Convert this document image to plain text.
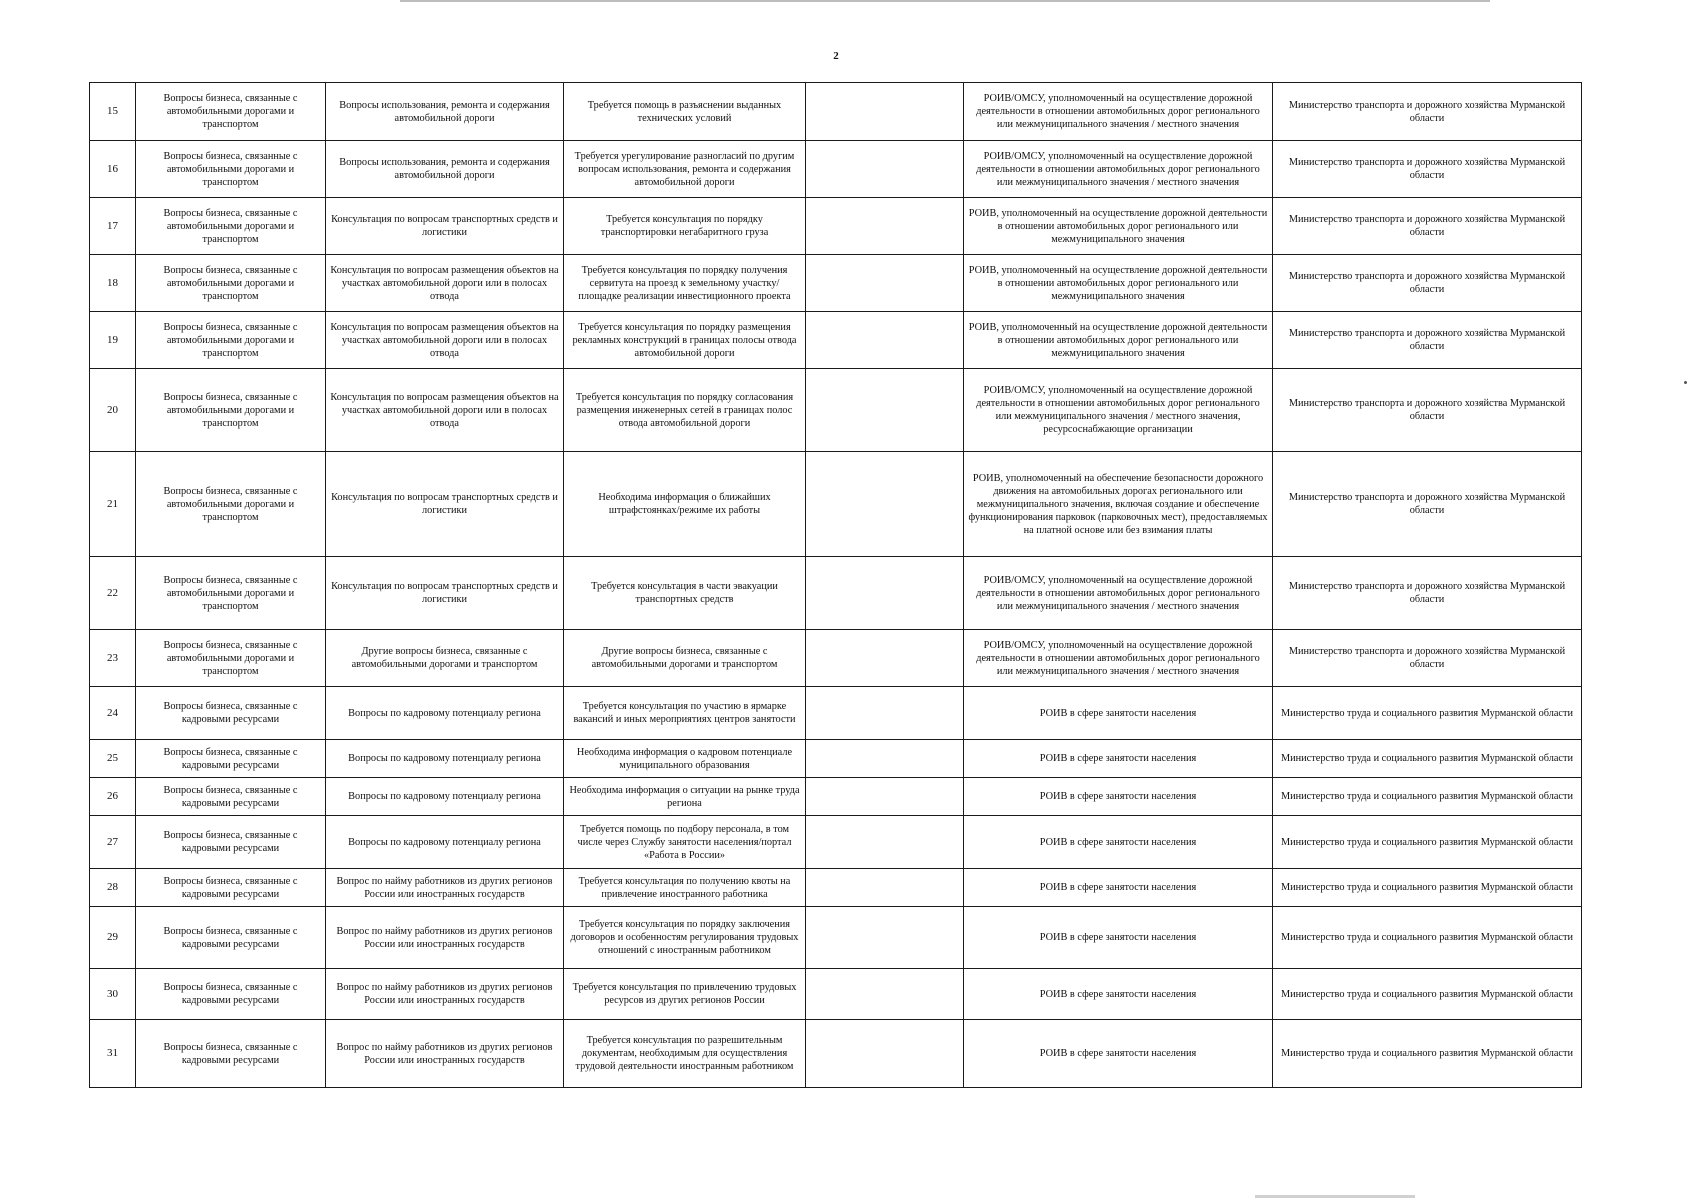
2
15	Вопросы бизнеса, связанные с автомобильными дорогами и транспортом	Вопросы использования, ремонта и содержания автомобильной дороги	Требуется помощь в разъяснении выданных технических условий		РОИВ/ОМСУ, уполномоченный на осуществление дорожной деятельности в отношении автомобильных дорог регионального или межмуниципального значения / местного значения	Министерство транспорта и дорожного хозяйства Мурманской области
16	Вопросы бизнеса, связанные с автомобильными дорогами и транспортом	Вопросы использования, ремонта и содержания автомобильной дороги	Требуется урегулирование разногласий по другим вопросам использования, ремонта и содержания автомобильной дороги		РОИВ/ОМСУ, уполномоченный на осуществление дорожной деятельности в отношении автомобильных дорог регионального или межмуниципального значения / местного значения	Министерство транспорта и дорожного хозяйства Мурманской области
17	Вопросы бизнеса, связанные с автомобильными дорогами и транспортом	Консультация по вопросам транспортных средств и логистики	Требуется консультация по порядку транспортировки негабаритного груза		РОИВ, уполномоченный на осуществление дорожной деятельности в отношении автомобильных дорог регионального или межмуниципального значения	Министерство транспорта и дорожного хозяйства Мурманской области
18	Вопросы бизнеса, связанные с автомобильными дорогами и транспортом	Консультация по вопросам размещения объектов на участках автомобильной дороги или в полосах отвода	Требуется консультация по порядку получения сервитута на проезд к земельному участку/ площадке реализации инвестиционного проекта		РОИВ, уполномоченный на осуществление дорожной деятельности в отношении автомобильных дорог регионального или межмуниципального значения	Министерство транспорта и дорожного хозяйства Мурманской области
19	Вопросы бизнеса, связанные с автомобильными дорогами и транспортом	Консультация по вопросам размещения объектов на участках автомобильной дороги или в полосах отвода	Требуется консультация по порядку размещения рекламных конструкций в границах полосы отвода автомобильной дороги		РОИВ, уполномоченный на осуществление дорожной деятельности в отношении автомобильных дорог регионального или межмуниципального значения	Министерство транспорта и дорожного хозяйства Мурманской области
20	Вопросы бизнеса, связанные с автомобильными дорогами и транспортом	Консультация по вопросам размещения объектов на участках автомобильной дороги или в полосах отвода	Требуется консультация по порядку согласования размещения инженерных сетей в границах полос отвода автомобильной дороги		РОИВ/ОМСУ, уполномоченный на осуществление дорожной деятельности в отношении автомобильных дорог регионального или межмуниципального значения / местного значения, ресурсоснабжающие организации	Министерство транспорта и дорожного хозяйства Мурманской области
21	Вопросы бизнеса, связанные с автомобильными дорогами и транспортом	Консультация по вопросам транспортных средств и логистики	Необходима информация о ближайших штрафстоянках/режиме их работы		РОИВ, уполномоченный на обеспечение безопасности дорожного движения на автомобильных дорогах регионального или межмуниципального значения, включая создание и обеспечение функционирования парковок (парковочных мест), предоставляемых на платной основе или без взимания платы	Министерство транспорта и дорожного хозяйства Мурманской области
22	Вопросы бизнеса, связанные с автомобильными дорогами и транспортом	Консультация по вопросам транспортных средств и логистики	Требуется консультация в части эвакуации транспортных средств		РОИВ/ОМСУ, уполномоченный на осуществление дорожной деятельности в отношении автомобильных дорог регионального или межмуниципального значения / местного значения	Министерство транспорта и дорожного хозяйства Мурманской области
23	Вопросы бизнеса, связанные с автомобильными дорогами и транспортом	Другие вопросы бизнеса, связанные с автомобильными дорогами и транспортом	Другие вопросы бизнеса, связанные с автомобильными дорогами и транспортом		РОИВ/ОМСУ, уполномоченный на осуществление дорожной деятельности в отношении автомобильных дорог регионального или межмуниципального значения / местного значения	Министерство транспорта и дорожного хозяйства Мурманской области
24	Вопросы бизнеса, связанные с кадровыми ресурсами	Вопросы по кадровому потенциалу региона	Требуется консультация по участию в ярмарке вакансий и иных мероприятиях центров занятости		РОИВ в сфере занятости населения	Министерство труда и социального развития Мурманской области
25	Вопросы бизнеса, связанные с кадровыми ресурсами	Вопросы по кадровому потенциалу региона	Необходима информация о кадровом потенциале муниципального образования		РОИВ в сфере занятости населения	Министерство труда и социального развития Мурманской области
26	Вопросы бизнеса, связанные с кадровыми ресурсами	Вопросы по кадровому потенциалу региона	Необходима информация о ситуации на рынке труда региона		РОИВ в сфере занятости населения	Министерство труда и социального развития Мурманской области
27	Вопросы бизнеса, связанные с кадровыми ресурсами	Вопросы по кадровому потенциалу региона	Требуется помощь по подбору персонала, в том числе через Службу занятости населения/портал «Работа в России»		РОИВ в сфере занятости населения	Министерство труда и социального развития Мурманской области
28	Вопросы бизнеса, связанные с кадровыми ресурсами	Вопрос по найму работников из других регионов России или иностранных государств	Требуется консультация по получению квоты на привлечение иностранного работника		РОИВ в сфере занятости населения	Министерство труда и социального развития Мурманской области
29	Вопросы бизнеса, связанные с кадровыми ресурсами	Вопрос по найму работников из других регионов России или иностранных государств	Требуется консультация по порядку заключения договоров и особенностям регулирования трудовых отношений с иностранным работником		РОИВ в сфере занятости населения	Министерство труда и социального развития Мурманской области
30	Вопросы бизнеса, связанные с кадровыми ресурсами	Вопрос по найму работников из других регионов России или иностранных государств	Требуется консультация по привлечению трудовых ресурсов из других регионов России		РОИВ в сфере занятости населения	Министерство труда и социального развития Мурманской области
31	Вопросы бизнеса, связанные с кадровыми ресурсами	Вопрос по найму работников из других регионов России или иностранных государств	Требуется консультация по разрешительным документам, необходимым для осуществления трудовой деятельности иностранным работником		РОИВ в сфере занятости населения	Министерство труда и социального развития Мурманской области
